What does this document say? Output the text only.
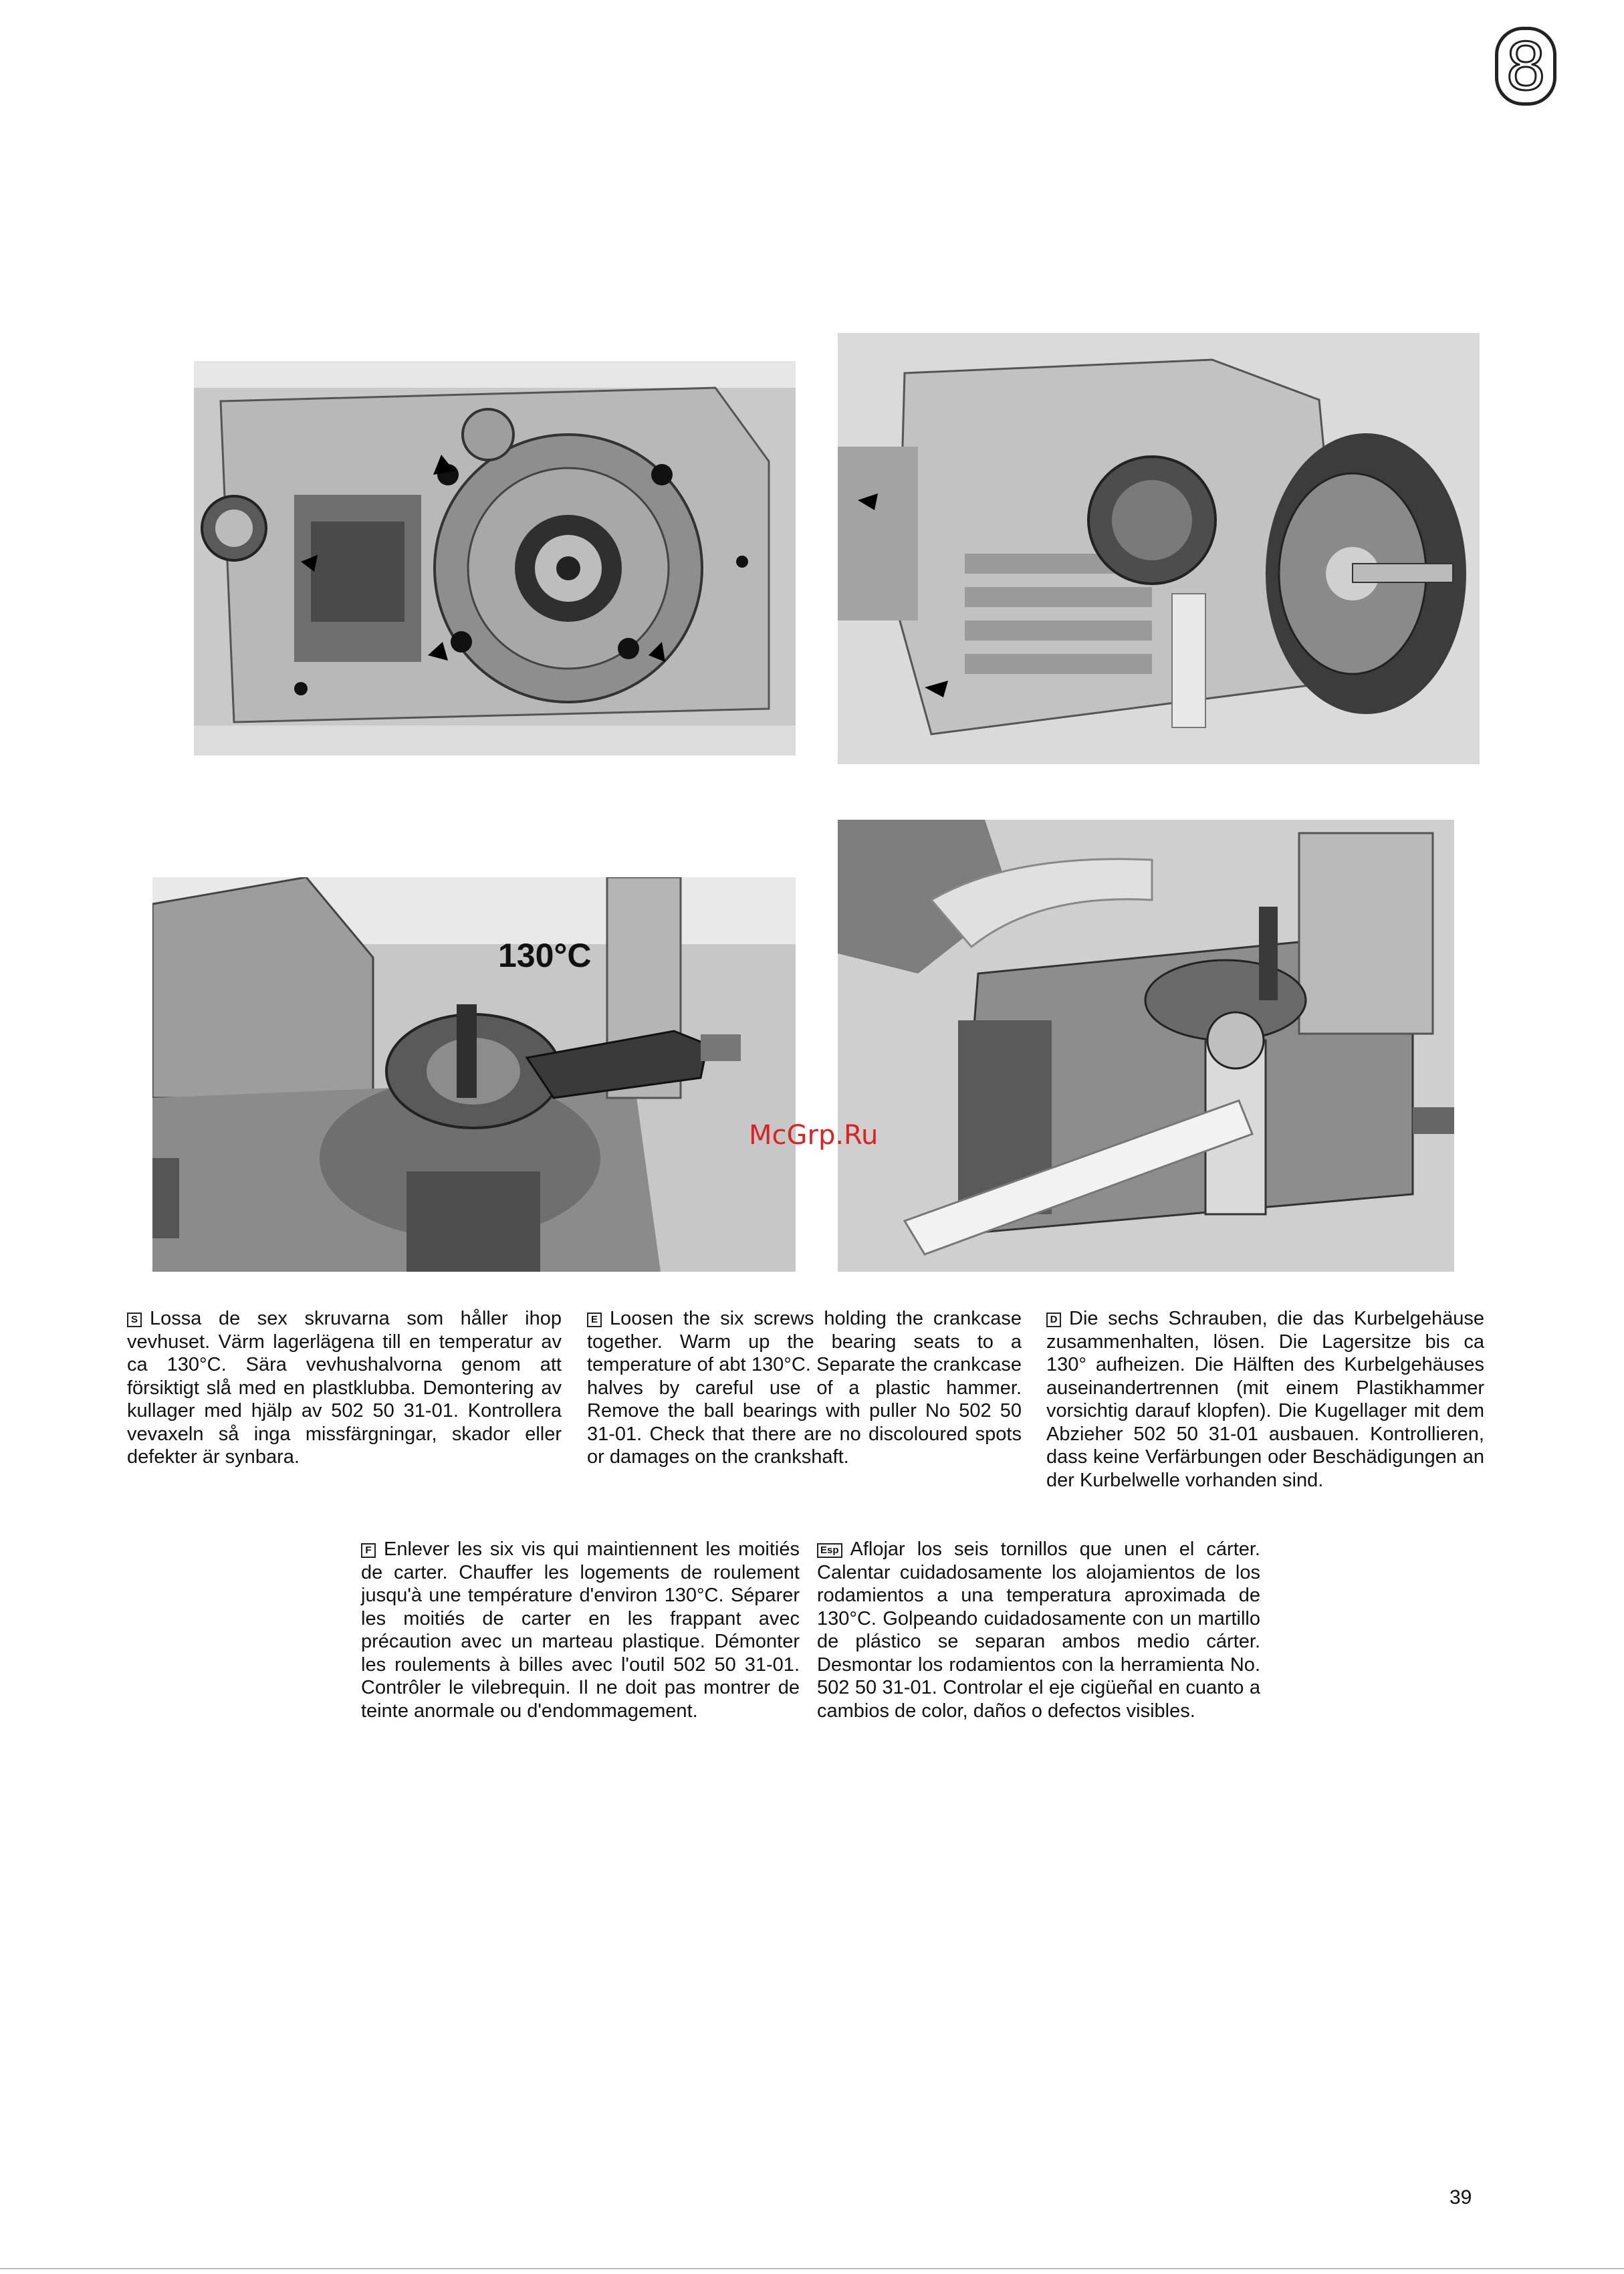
8
130°C
McGrp.Ru
S Lossa de sex skruvarna som håller ihop vevhuset. Värm lagerlägena till en temperatur av ca 130°C. Sära vevhushalvorna genom att försiktigt slå med en plastklubba. Demontering av kullager med hjälp av 502 50 31-01. Kontrollera vevaxeln så inga missfärgningar, skador eller defekter är synbara.
E Loosen the six screws holding the crankcase together. Warm up the bearing seats to a temperature of abt 130°C. Separate the crankcase halves by careful use of a plastic hammer. Remove the ball bearings with puller No 502 50 31-01. Check that there are no discoloured spots or damages on the crankshaft.
D Die sechs Schrauben, die das Kurbelgehäuse zusammenhalten, lösen. Die Lagersitze bis ca 130° aufheizen. Die Hälften des Kurbelgehäuses auseinandertrennen (mit einem Plastikhammer vorsichtig darauf klopfen). Die Kugellager mit dem Abzieher 502 50 31-01 ausbauen. Kontrollieren, dass keine Verfärbungen oder Beschädigungen an der Kurbelwelle vorhanden sind.
F Enlever les six vis qui maintiennent les moitiés de carter. Chauffer les logements de roulement jusqu'à une température d'environ 130°C. Séparer les moitiés de carter en les frappant avec précaution avec un marteau plastique. Démonter les roulements à billes avec l'outil 502 50 31-01. Contrôler le vilebrequin. Il ne doit pas montrer de teinte anormale ou d'endommagement.
Esp Aflojar los seis tornillos que unen el cárter. Calentar cuidadosamente los alojamientos de los rodamientos a una temperatura aproximada de 130°C. Golpeando cuidadosamente con un martillo de plástico se separan ambos medio cárter. Desmontar los rodamientos con la herramienta No. 502 50 31-01. Controlar el eje cigüeñal en cuanto a cambios de color, daños o defectos visibles.
39
